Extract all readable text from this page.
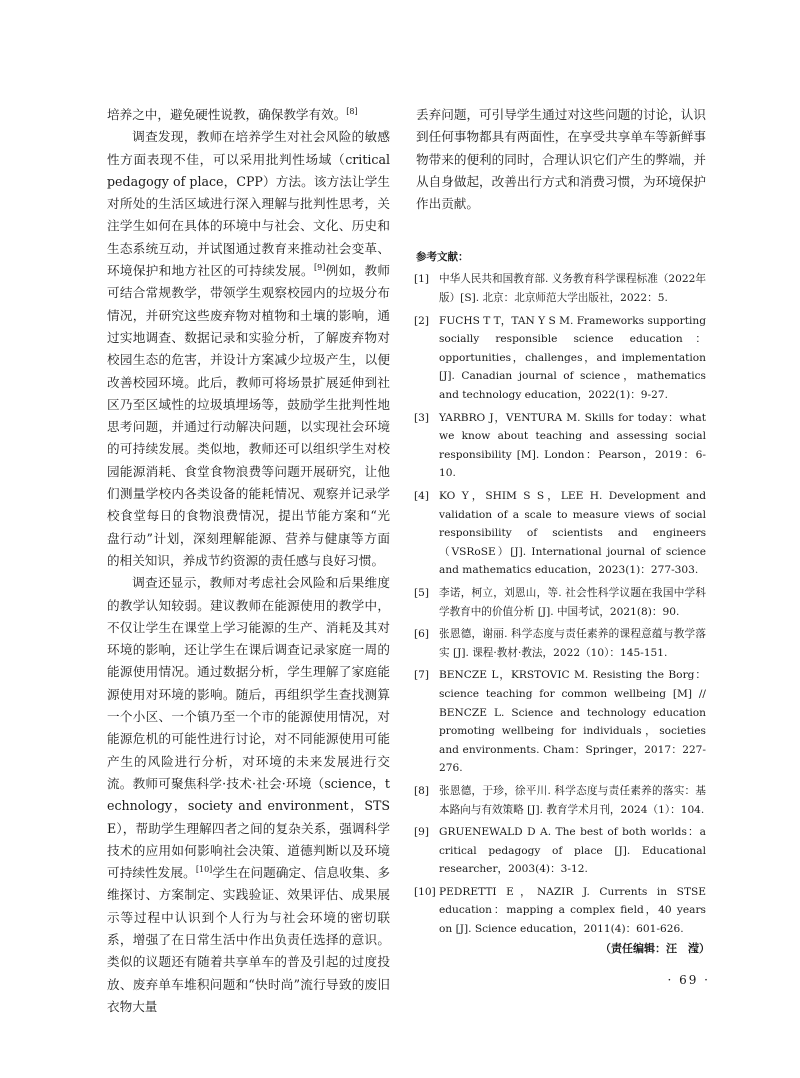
培养之中，避免硬性说教，确保教学有效。[8]

调查发现，教师在培养学生对社会风险的敏感性方面表现不佳，可以采用批判性场域（critical pedagogy of place，CPP）方法。该方法让学生对所处的生活区域进行深入理解与批判性思考，关注学生如何在具体的环境中与社会、文化、历史和生态系统互动，并试图通过教育来推动社会变革、环境保护和地方社区的可持续发展。[9]例如，教师可结合常规教学，带领学生观察校园内的垃圾分布情况，并研究这些废弃物对植物和土壤的影响，通过实地调查、数据记录和实验分析，了解废弃物对校园生态的危害，并设计方案减少垃圾产生，以便改善校园环境。此后，教师可将场景扩展延伸到社区乃至区域性的垃圾填埋场等，鼓励学生批判性地思考问题，并通过行动解决问题，以实现社会环境的可持续发展。类似地，教师还可以组织学生对校园能源消耗、食堂食物浪费等问题开展研究，让他们测量学校内各类设备的能耗情况、观察并记录学校食堂每日的食物浪费情况，提出节能方案和“光盘行动”计划，深刻理解能源、营养与健康等方面的相关知识，养成节约资源的责任感与良好习惯。

调查还显示，教师对考虑社会风险和后果维度的教学认知较弱。建议教师在能源使用的教学中，不仅让学生在课堂上学习能源的生产、消耗及其对环境的影响，还让学生在课后调查记录家庭一周的能源使用情况。通过数据分析，学生理解了家庭能源使用对环境的影响。随后，再组织学生查找测算一个小区、一个镇乃至一个市的能源使用情况，对能源危机的可能性进行讨论，对不同能源使用可能产生的风险进行分析，对环境的未来发展进行交流。教师可聚焦科学·技术·社会·环境（science，technology，society and environment，STSE），帮助学生理解四者之间的复杂关系，强调科学技术的应用如何影响社会决策、道德判断以及环境可持续性发展。[10]学生在问题确定、信息收集、多维探讨、方案制定、实践验证、效果评估、成果展示等过程中认识到个人行为与社会环境的密切联系，增强了在日常生活中作出负责任选择的意识。类似的议题还有随着共享单车的普及引起的过度投放、废弃单车堆积问题和“快时尚”流行导致的废旧衣物大量

丢弃问题，可引导学生通过对这些问题的讨论，认识到任何事物都具有两面性，在享受共享单车等新鲜事物带来的便利的同时，合理认识它们产生的弊端，并从自身做起，改善出行方式和消费习惯，为环境保护作出贡献。

参考文献：
[1] 中华人民共和国教育部. 义务教育科学课程标准（2022年版）[S]. 北京：北京师范大学出版社，2022：5.
[2] FUCHS T T，TAN Y S M. Frameworks supporting socially responsible science education：opportunities，challenges，and implementation [J]. Canadian journal of science，mathematics and technology education，2022(1)：9-27.
[3] YARBRO J，VENTURA M. Skills for today：what we know about teaching and assessing social responsibility [M]. London：Pearson，2019：6-10.
[4] KO Y，SHIM S S，LEE H. Development and validation of a scale to measure views of social responsibility of scientists and engineers（VSRoSE）[J]. International journal of science and mathematics education，2023(1)：277-303.
[5] 李诺，柯立，刘恩山，等. 社会性科学议题在我国中学科学教育中的价值分析 [J]. 中国考试，2021(8)：90.
[6] 张恩德，谢丽. 科学态度与责任素养的课程意蕴与教学落实 [J]. 课程·教材·教法，2022（10）：145-151.
[7] BENCZE L，KRSTOVIC M. Resisting the Borg：science teaching for common wellbeing [M] // BENCZE L. Science and technology education promoting wellbeing for individuals，societies and environments. Cham：Springer，2017：227-276.
[8] 张恩德，于珍，徐平川. 科学态度与责任素养的落实：基本路向与有效策略 [J]. 教育学术月刊，2024（1）：104.
[9] GRUENEWALD D A. The best of both worlds：a critical pedagogy of place [J]. Educational researcher，2003(4)：3-12.
[10] PEDRETTI E，NAZIR J. Currents in STSE education：mapping a complex field，40 years on [J]. Science education，2011(4)：601-626.
（责任编辑：汪　滢）
· 69 ·
